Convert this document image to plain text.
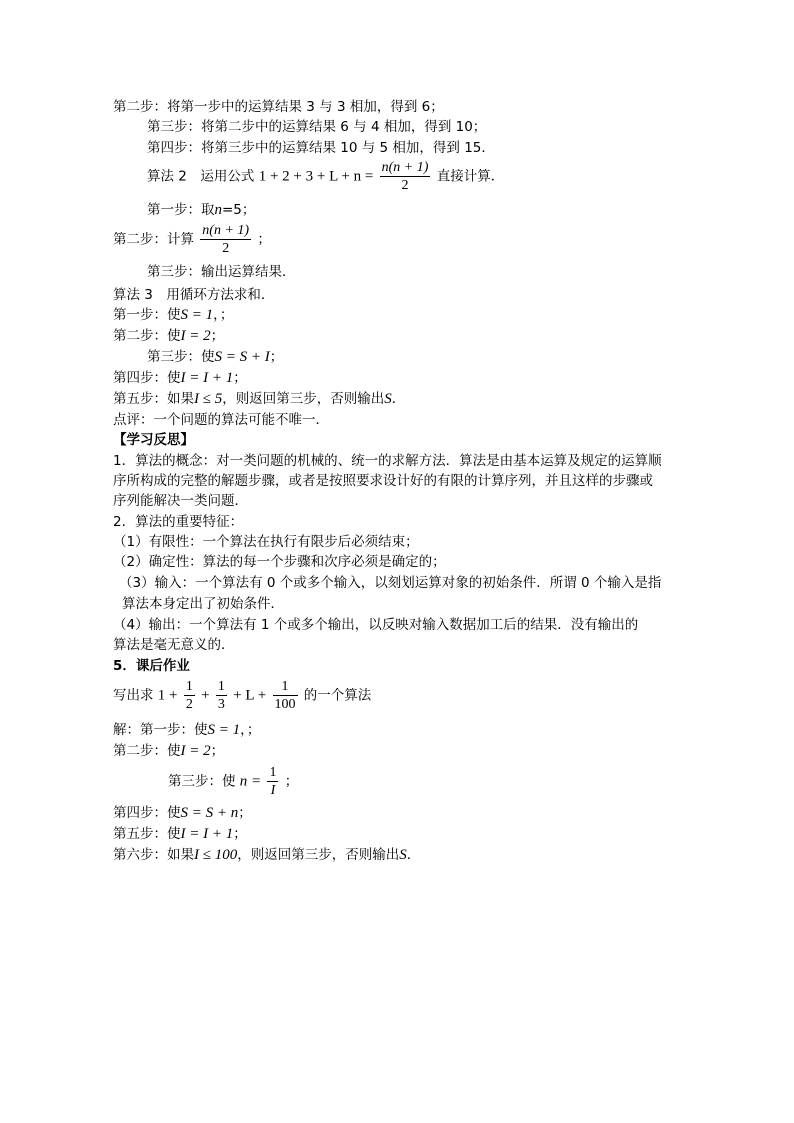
第二步：将第一步中的运算结果 3 与 3 相加，得到 6；
第三步：将第二步中的运算结果 6 与 4 相加，得到 10；
第四步：将第三步中的运算结果 10 与 5 相加，得到 15．
算法 2　运用公式 $1 + 2 + 3 + L + n = \frac{n(n + 1)}{2}$ 直接计算．
第一步：取n=5；
第二步：计算 $\frac{n(n + 1)}{2}$ ；
第三步：输出运算结果．
算法 3　用循环方法求和．
第一步：使S = 1，；
第二步：使I = 2；
第三步：使S = S + I；
第四步：使I = I + 1；
第五步：如果I ≤ 5，则返回第三步，否则输出S．
点评：一个问题的算法可能不唯一．
【学习反思】
1．算法的概念：对一类问题的机械的、统一的求解方法．算法是由基本运算及规定的运算顺
序所构成的完整的解题步骤，或者是按照要求设计好的有限的计算序列，并且这样的步骤或
序列能解决一类问题．
2．算法的重要特征：
（1）有限性：一个算法在执行有限步后必须结束；
（2）确定性：算法的每一个步骤和次序必须是确定的；
（3）输入：一个算法有 0 个或多个输入，以刻划运算对象的初始条件．所谓 0 个输入是指
算法本身定出了初始条件．
（4）输出：一个算法有 1 个或多个输出，以反映对输入数据加工后的结果．没有输出的
算法是毫无意义的．
5．课后作业
写出求 $1 + \frac{1}{2} + \frac{1}{3} + L + \frac{1}{100}$ 的一个算法
解：第一步：使S = 1，；
第二步：使I = 2；
第三步：使 $n = \frac{1}{I}$ ；
第四步：使S = S + n；
第五步：使I = I + 1；
第六步：如果I ≤ 100，则返回第三步，否则输出S．
